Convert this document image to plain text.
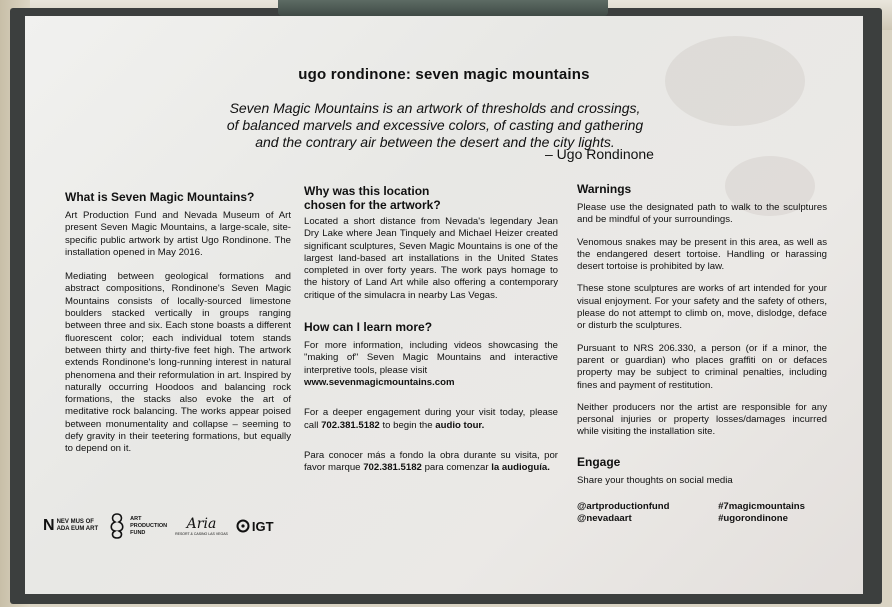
ugo rondinone: seven magic mountains
Seven Magic Mountains is an artwork of thresholds and crossings,
of balanced marvels and excessive colors, of casting and gathering
and the contrary air between the desert and the city lights.
– Ugo Rondinone
What is Seven Magic Mountains?

Art Production Fund and Nevada Museum of Art present Seven Magic Mountains, a large-scale, site-specific public artwork by artist Ugo Rondinone. The installation opened in May 2016.

Mediating between geological formations and abstract compositions, Rondinone's Seven Magic Mountains consists of locally-sourced limestone boulders stacked vertically in groups ranging between three and six. Each stone boasts a different fluorescent color; each individual totem stands between thirty and thirty-five feet high. The artwork extends Rondinone's long-running interest in natural phenomena and their reformulation in art. Inspired by naturally occurring Hoodoos and balancing rock formations, the stacks also evoke the art of meditative rock balancing. The works appear poised between monumentality and collapse – seeming to defy gravity in their teetering formations, but equally to depend on it.

Why was this location
chosen for the artwork?

Located a short distance from Nevada's legendary Jean Dry Lake where Jean Tinquely and Michael Heizer created significant sculptures, Seven Magic Mountains is one of the largest land-based art installations in the United States completed in over forty years. The work pays homage to the history of Land Art while also offering a contemporary critique of the simulacra in nearby Las Vegas.

How can I learn more?

For more information, including videos showcasing the "making of" Seven Magic Mountains and interactive interpretive tools, please visit
www.sevenmagicmountains.com

For a deeper engagement during your visit today, please call 702.381.5182 to begin the audio tour.

Para conocer más a fondo la obra durante su visita, por favor marque 702.381.5182 para comenzar la audioguía.

Warnings

Please use the designated path to walk to the sculptures and be mindful of your surroundings.

Venomous snakes may be present in this area, as well as the endangered desert tortoise. Handling or harassing desert tortoise is prohibited by law.

These stone sculptures are works of art intended for your visual enjoyment. For your safety and the safety of others, please do not attempt to climb on, move, dislodge, deface or disturb the sculptures.

Pursuant to NRS 206.330, a person (or if a minor, the parent or guardian) who places graffiti on or defaces property may be subject to criminal penalties, including fines and payment of restitution.

Neither producers nor the artist are responsible for any personal injuries or property losses/damages incurred while visiting the installation site.

Engage

Share your thoughts on social media

@artproductionfund
@nevadaart
#7magicmountains
#ugorondinone
N NEV MUS OF
ADA EUM ART
ART
PRODUCTION
FUND
Aria
RESORT & CASINO LAS VEGAS
IGT
